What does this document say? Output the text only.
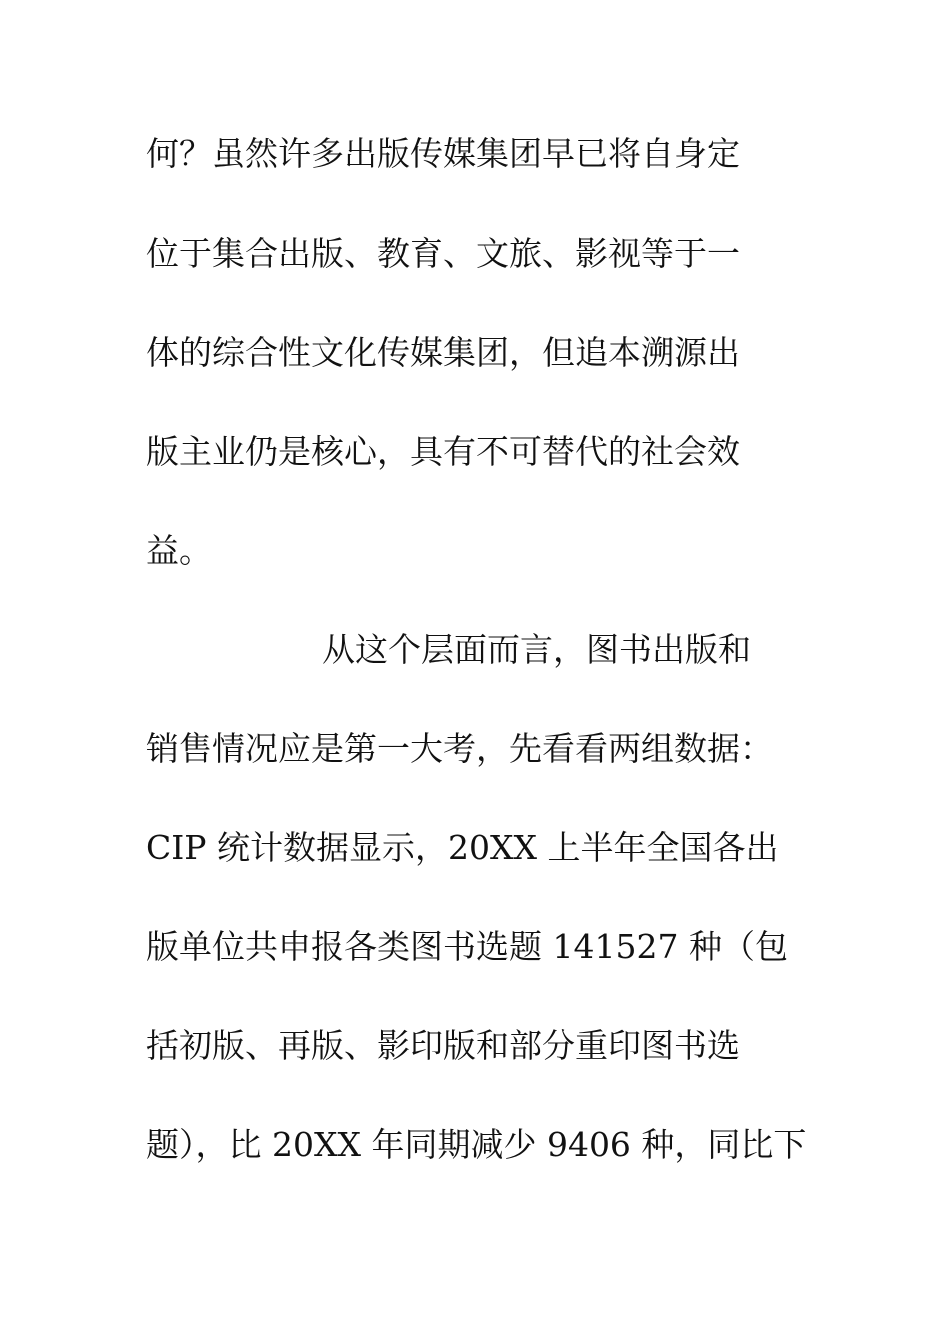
何？虽然许多出版传媒集团早已将自身定
位于集合出版、教育、文旅、影视等于一
体的综合性文化传媒集团，但追本溯源出
版主业仍是核心，具有不可替代的社会效
益。
从这个层面而言，图书出版和
销售情况应是第一大考，先看看两组数据：
CIP 统计数据显示，20XX 上半年全国各出
版单位共申报各类图书选题 141527 种（包
括初版、再版、影印版和部分重印图书选
题），比 20XX 年同期减少 9406 种，同比下
